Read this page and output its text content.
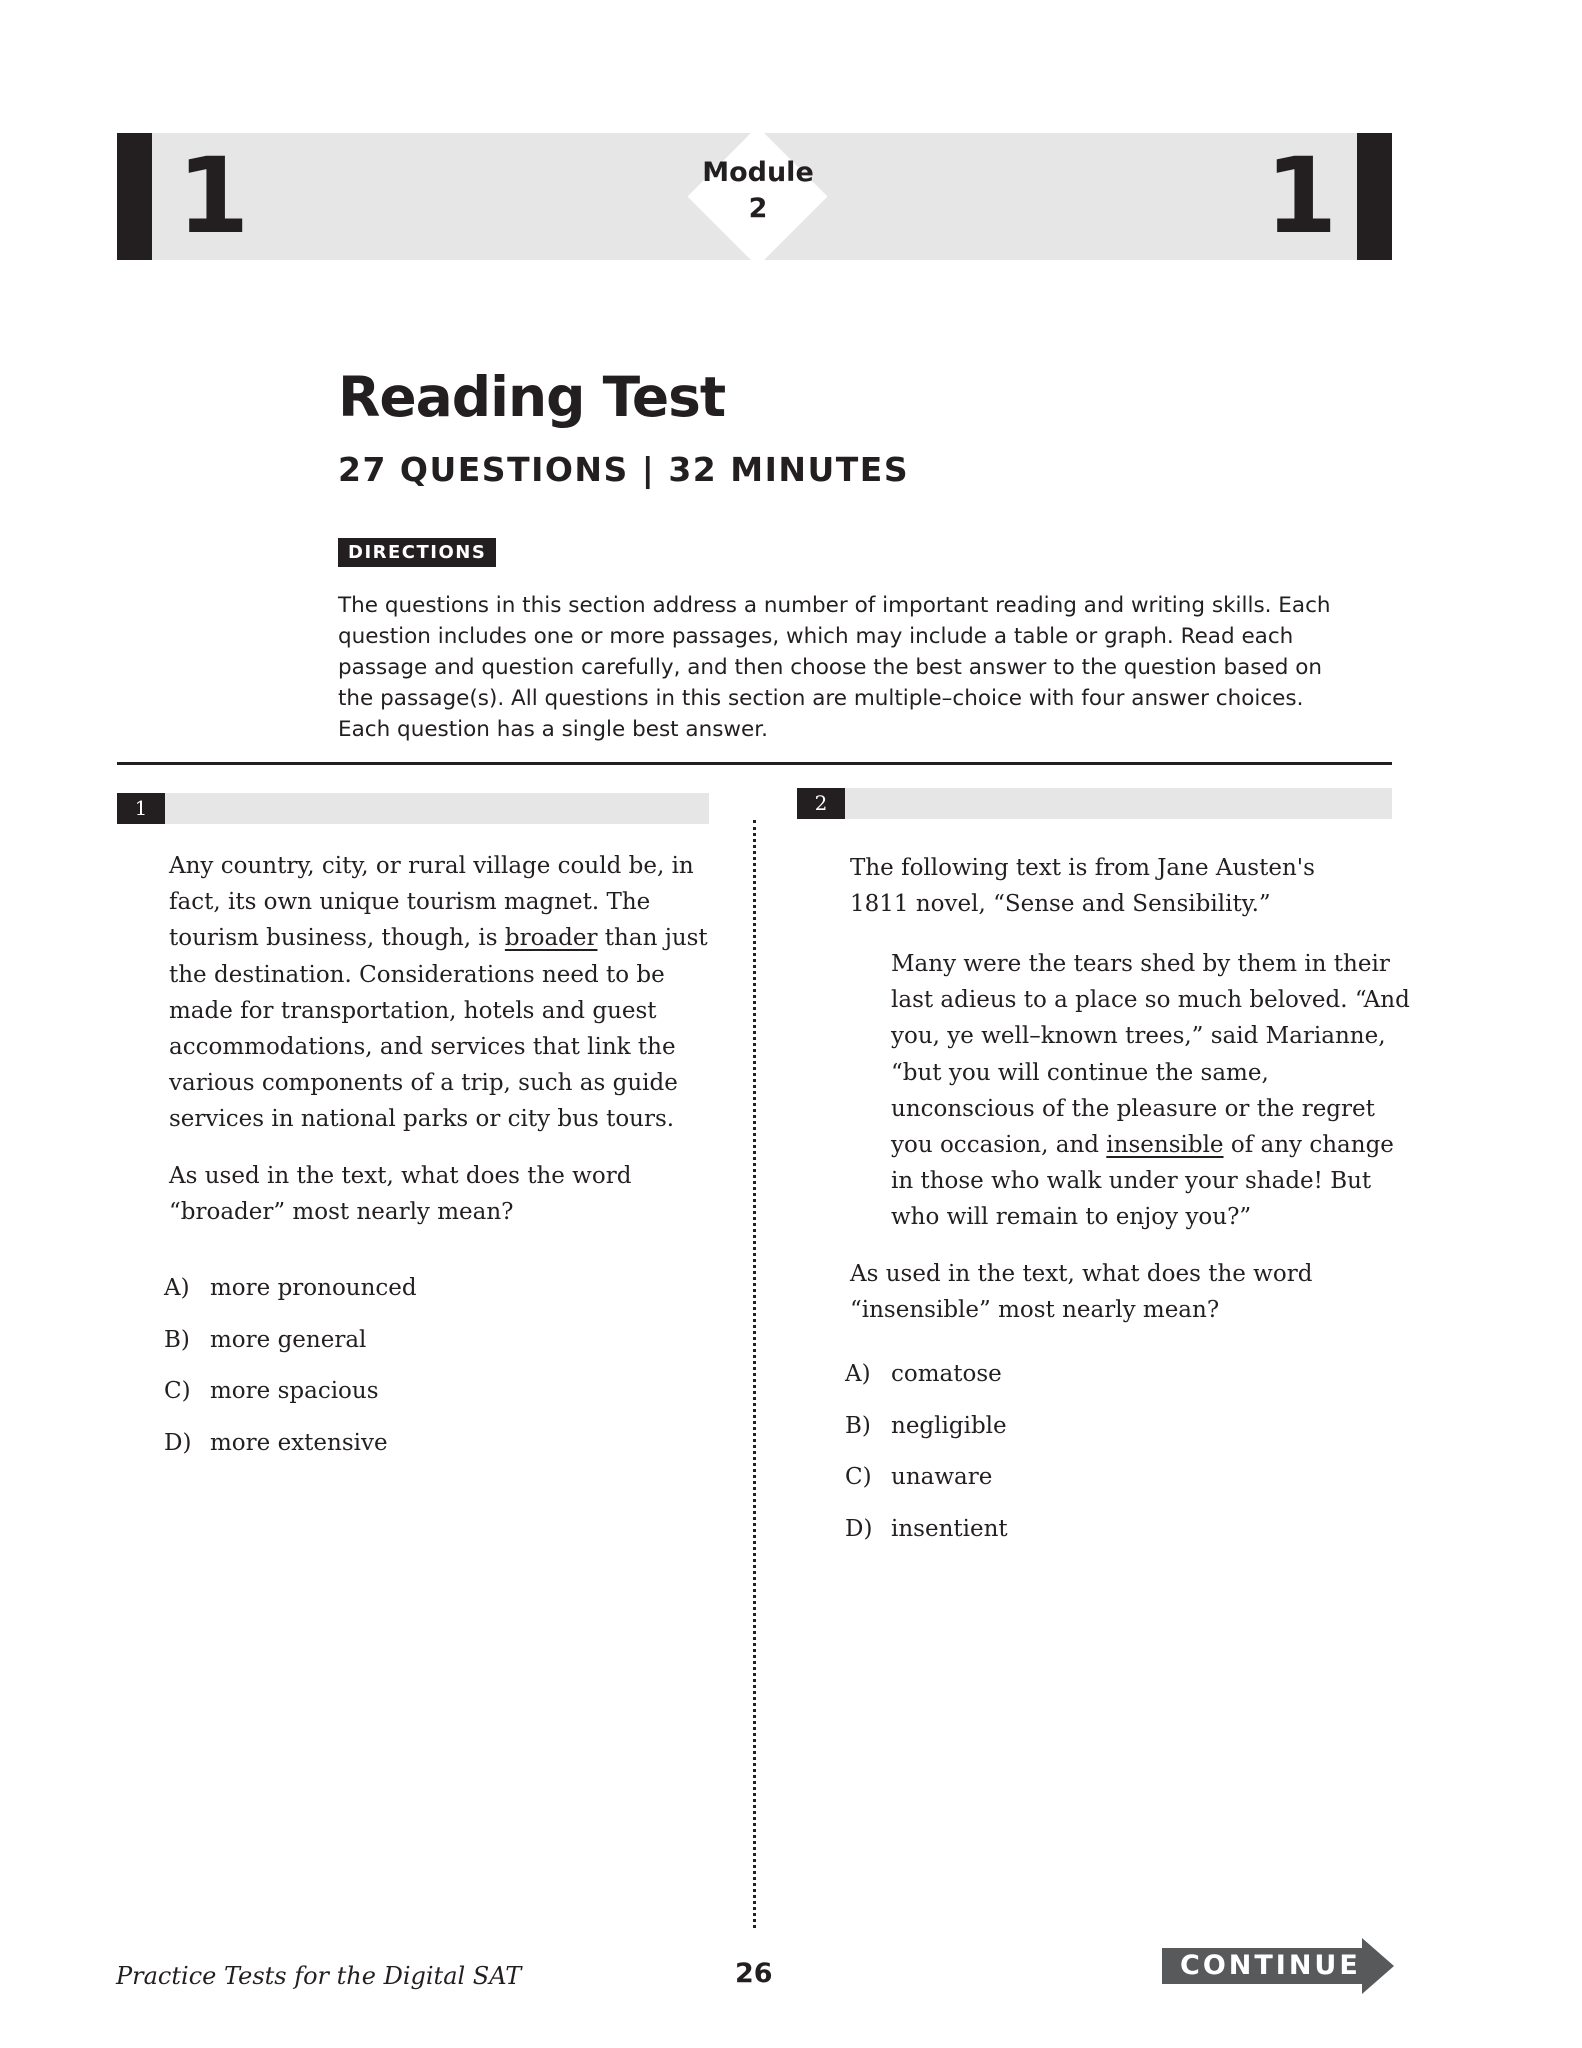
1	1
Module
2
Reading Test
27 QUESTIONS | 32 MINUTES
DIRECTIONS

The questions in this section address a number of important reading and writing skills. Each question includes one or more passages, which may include a table or graph. Read each passage and question carefully, and then choose the best answer to the question based on the passage(s). All questions in this section are multiple–choice with four answer choices. Each question has a single best answer.

1

Any country, city, or rural village could be, in fact, its own unique tourism magnet. The tourism business, though, is broader than just the destination. Considerations need to be made for transportation, hotels and guest accommodations, and services that link the various components of a trip, such as guide services in national parks or city bus tours.

As used in the text, what does the word “broader” most nearly mean?

A) more pronounced
B) more general
C) more spacious
D) more extensive
2

The following text is from Jane Austen's 1811 novel, “Sense and Sensibility.”

Many were the tears shed by them in their last adieus to a place so much beloved. “And you, ye well–known trees,” said Marianne, “but you will continue the same, unconscious of the pleasure or the regret you occasion, and insensible of any change in those who walk under your shade! But who will remain to enjoy you?”

As used in the text, what does the word “insensible” most nearly mean?

A) comatose
B) negligible
C) unaware
D) insentient
Practice Tests for the Digital SAT	26	CONTINUE
